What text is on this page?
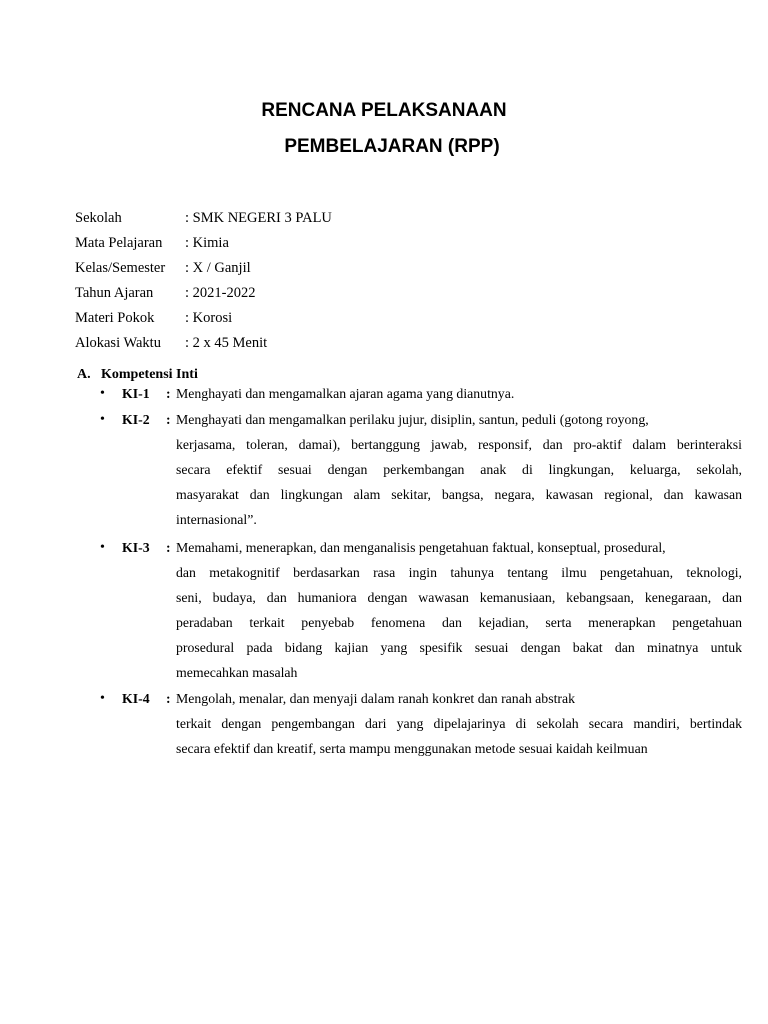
RENCANA PELAKSANAAN
PEMBELAJARAN (RPP)
Sekolah	: SMK NEGERI 3 PALU
Mata Pelajaran : Kimia
Kelas/Semester : X / Ganjil
Tahun Ajaran : 2021-2022
Materi Pokok : Korosi
Alokasi Waktu : 2 x 45 Menit
A. Kompetensi Inti
• KI-1 : Menghayati dan mengamalkan ajaran agama yang dianutnya.
• KI-2 : Menghayati dan mengamalkan perilaku jujur, disiplin, santun, peduli (gotong royong,
kerjasama, toleran, damai), bertanggung jawab, responsif, dan pro-aktif dalam berinteraksi
secara efektif sesuai dengan perkembangan anak di lingkungan, keluarga, sekolah,
masyarakat dan lingkungan alam sekitar, bangsa, negara, kawasan regional, dan kawasan
internasional”.
• KI-3 : Memahami, menerapkan, dan menganalisis pengetahuan faktual, konseptual, prosedural,
dan metakognitif berdasarkan rasa ingin tahunya tentang ilmu pengetahuan, teknologi,
seni, budaya, dan humaniora dengan wawasan kemanusiaan, kebangsaan, kenegaraan, dan
peradaban terkait penyebab fenomena dan kejadian, serta menerapkan pengetahuan
prosedural pada bidang kajian yang spesifik sesuai dengan bakat dan minatnya untuk
memecahkan masalah
• KI-4 : Mengolah, menalar, dan menyaji dalam ranah konkret dan ranah abstrak
terkait dengan pengembangan dari yang dipelajarinya di sekolah secara mandiri, bertindak
secara efektif dan kreatif, serta mampu menggunakan metode sesuai kaidah keilmuan
